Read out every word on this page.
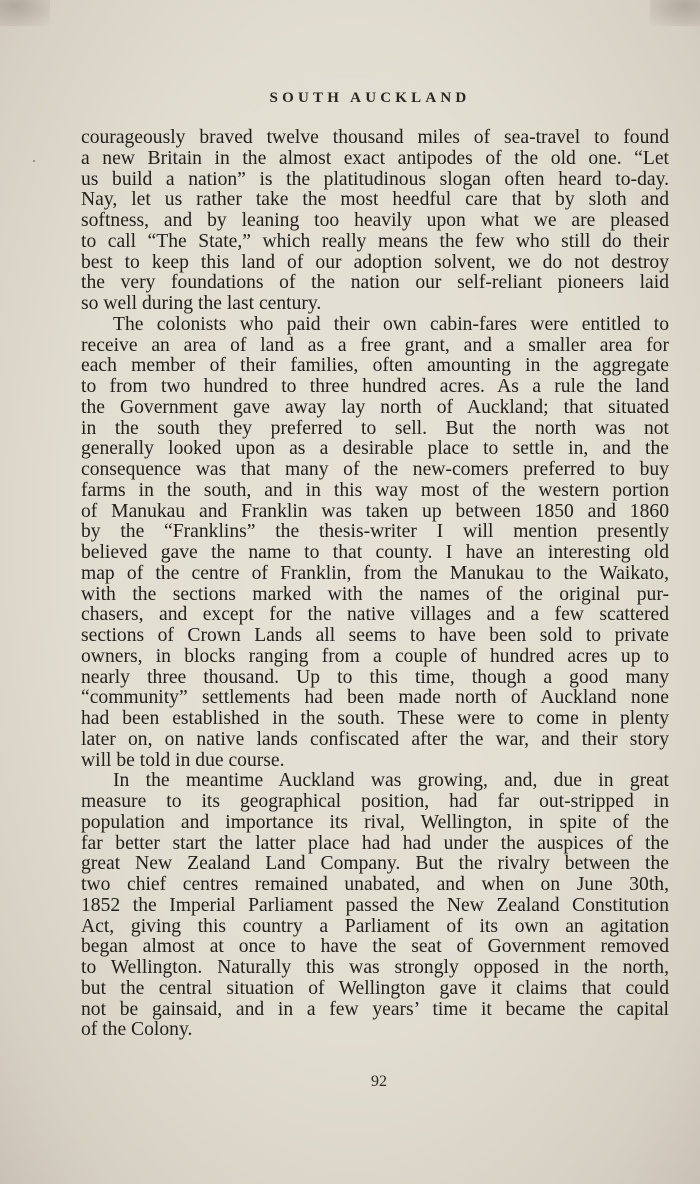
SOUTH AUCKLAND

courageously braved twelve thousand miles of sea-travel to found
a new Britain in the almost exact antipodes of the old one. “Let
us build a nation” is the platitudinous slogan often heard to-day.
Nay, let us rather take the most heedful care that by sloth and
softness, and by leaning too heavily upon what we are pleased
to call “The State,” which really means the few who still do their
best to keep this land of our adoption solvent, we do not destroy
the very foundations of the nation our self-reliant pioneers laid
so well during the last century.

The colonists who paid their own cabin-fares were entitled to
receive an area of land as a free grant, and a smaller area for
each member of their families, often amounting in the aggregate
to from two hundred to three hundred acres. As a rule the land
the Government gave away lay north of Auckland; that situated
in the south they preferred to sell. But the north was not
generally looked upon as a desirable place to settle in, and the
consequence was that many of the new-comers preferred to buy
farms in the south, and in this way most of the western portion
of Manukau and Franklin was taken up between 1850 and 1860
by the “Franklins” the thesis-writer I will mention presently
believed gave the name to that county. I have an interesting old
map of the centre of Franklin, from the Manukau to the Waikato,
with the sections marked with the names of the original pur-
chasers, and except for the native villages and a few scattered
sections of Crown Lands all seems to have been sold to private
owners, in blocks ranging from a couple of hundred acres up to
nearly three thousand. Up to this time, though a good many
“community” settlements had been made north of Auckland none
had been established in the south. These were to come in plenty
later on, on native lands confiscated after the war, and their story
will be told in due course.

In the meantime Auckland was growing, and, due in great
measure to its geographical position, had far out-stripped in
population and importance its rival, Wellington, in spite of the
far better start the latter place had had under the auspices of the
great New Zealand Land Company. But the rivalry between the
two chief centres remained unabated, and when on June 30th,
1852 the Imperial Parliament passed the New Zealand Constitution
Act, giving this country a Parliament of its own an agitation
began almost at once to have the seat of Government removed
to Wellington. Naturally this was strongly opposed in the north,
but the central situation of Wellington gave it claims that could
not be gainsaid, and in a few years’ time it became the capital
of the Colony.

92
